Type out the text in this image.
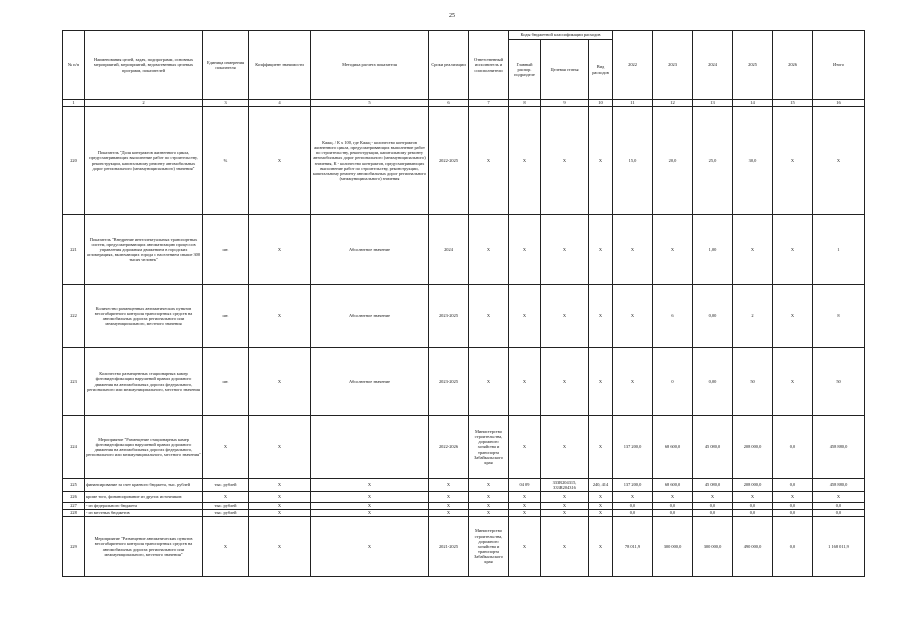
25
№ п/п	Наименования целей, задач, подпрограмм, основных мероприятий, мероприятий, ведомственных целевых программ, показателей	Единица измерения показателя	Коэффициент значимости	Методика расчета показателя	Сроки реализации	Ответственный исполнитель и соисполнители	Коды бюджетной классификации расходов			2022	2023	2024	2025	2026	Итого
							Главный распор. подразделе	Целевая статья	Вид расходов						
1	2	3	4	5	6	7	8	9	10	11	12	13	14	15	16
220	Показатель "Доля контрактов жизненного цикла, предусматривающих выполнение работ по строительству, реконструкции, капитальному ремонту автомобильных дорог регионального (межмуниципального) значения"	%	X	Кжкц. / К х 100, где Кжкц - количество контрактов жизненного цикла, предусматривающих выполнение работ по строительству, реконструкции, капитальному ремонту автомобильных дорог регионального (межмуниципального) значения, К - количество контрактов, предусматривающих выполнение работ по строительству, реконструкции, капитальному ремонту автомобильных дорог регионального (межмуниципального) значения	2022-2025	X	X	X	X	15,0	20,0	25,0	30,0	X	X
221	Показатель "Внедрение интеллектуальных транспортных систем, предусматривающих автоматизацию процессов управления дорожным движением в городских агломерациях, включающих города с населением свыше 300 тысяч человек"	шт.	X	Абсолютное значение	2024	X	X	X	X	X	X	1,00	X	X	1
222	Количество размещенных автоматических пунктов весогабаритного контроля транспортных средств на автомобильных дорогах регионального или межмуниципального, местного значения	шт.	X	Абсолютное значение	2023-2025	X	X	X	X	X	6	0,00	2	X	8
223	Количество размещенных стационарных камер фотовидеофиксации нарушений правил дорожного движения на автомобильных дорогах федерального, регионального или межмуниципального, местного значения	шт.	X	Абсолютное значение	2023-2025	X	X	X	X	X	0	0,00	50	X	50
224	Мероприятие "Размещение стационарных камер фотовидеофиксации нарушений правил дорожного движения на автомобильных дорогах федерального, регионального или межмуниципального, местного значения"	X	X		2022-2026	Министерство строительства, дорожного хозяйства и транспорта Забайкальского края	X	X	X	137 200,0	68 600,0	45 080,0	208 000,0	0,0	458 880,0
225	финансирование за счет краевого бюджета, тыс. рублей	тыс. рублей	X	X	X	X	04 09	333R204315, 333R204316	240, 414	137 200,0	68 600,0	45 080,0	208 000,0	0,0	458 880,0
226	кроме того, финансирование из других источников:	X	X	X	X	X	X	X	X	X	X	X	X	X	X
227	- из федерального бюджета	тыс. рублей	X	X	X	X	X	X	X	0,0	0,0	0,0	0,0	0,0	0,0
228	- из местных бюджетов	тыс. рублей	X	X	X	X	X	X	X	0,0	0,0	0,0	0,0	0,0	0,0
229	Мероприятие "Размещение автоматических пунктов весогабаритного контроля транспортных средств на автомобильных дорогах регионального или межмуниципального, местного значения"	X	X	X	2021-2025	Министерство строительства, дорожного хозяйства и транспорта Забайкальского края	X	X	X	78 011,9	300 000,0	300 000,0	490 000,0	0,0	1 168 011,9
